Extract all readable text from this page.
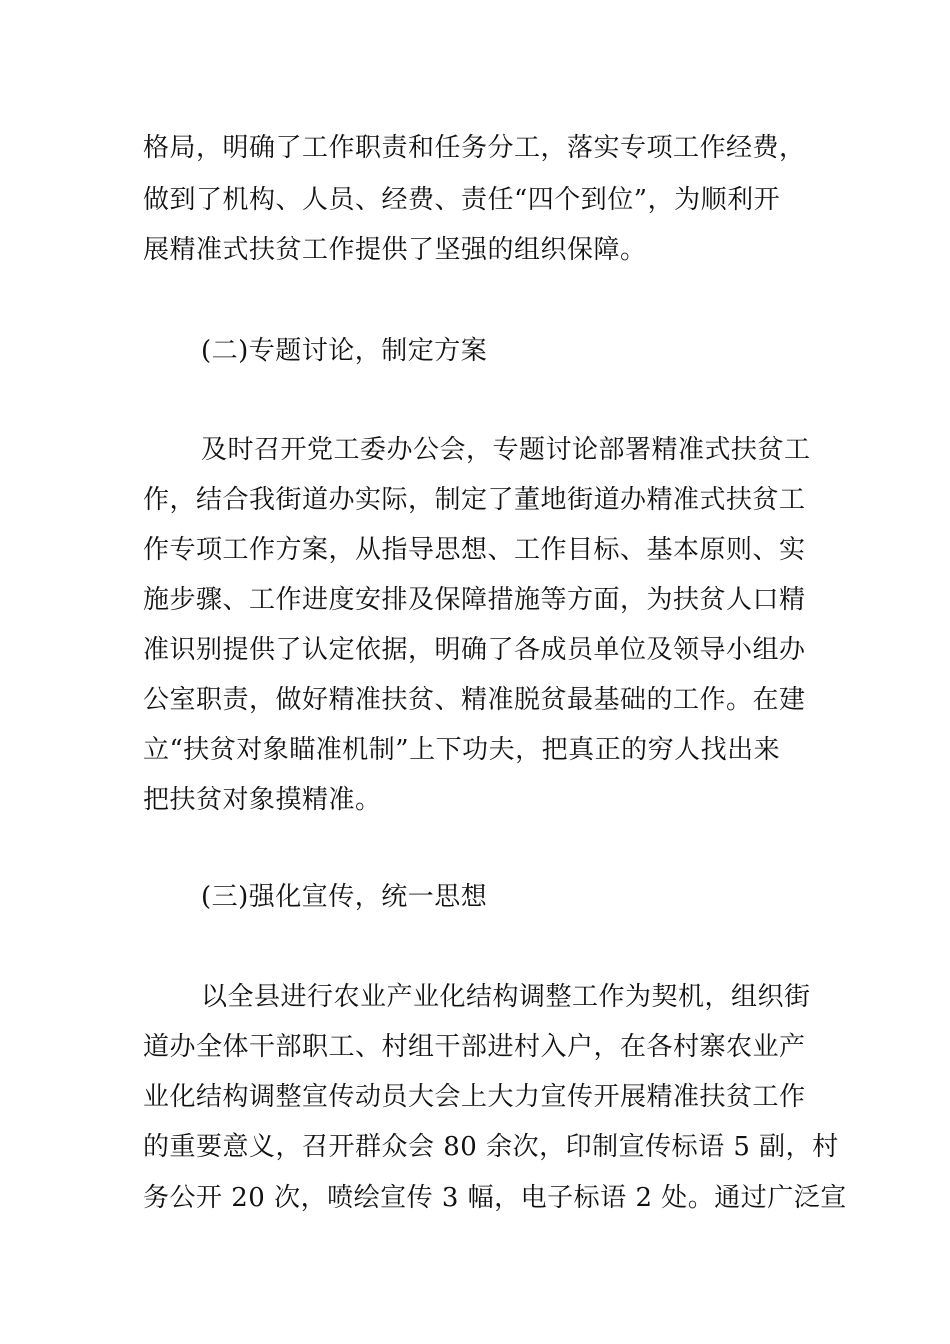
格局，明确了工作职责和任务分工，落实专项工作经费，
做到了机构、人员、经费、责任“四个到位”，为顺利开
展精准式扶贫工作提供了坚强的组织保障。
(二)专题讨论，制定方案
及时召开党工委办公会，专题讨论部署精准式扶贫工
作，结合我街道办实际，制定了董地街道办精准式扶贫工
作专项工作方案，从指导思想、工作目标、基本原则、实
施步骤、工作进度安排及保障措施等方面，为扶贫人口精
准识别提供了认定依据，明确了各成员单位及领导小组办
公室职责，做好精准扶贫、精准脱贫最基础的工作。在建
立“扶贫对象瞄准机制”上下功夫，把真正的穷人找出来
把扶贫对象摸精准。
(三)强化宣传，统一思想
以全县进行农业产业化结构调整工作为契机，组织街
道办全体干部职工、村组干部进村入户，在各村寨农业产
业化结构调整宣传动员大会上大力宣传开展精准扶贫工作
的重要意义，召开群众会 80 余次，印制宣传标语 5 副，村
务公开 20 次，喷绘宣传 3 幅，电子标语 2 处。通过广泛宣
